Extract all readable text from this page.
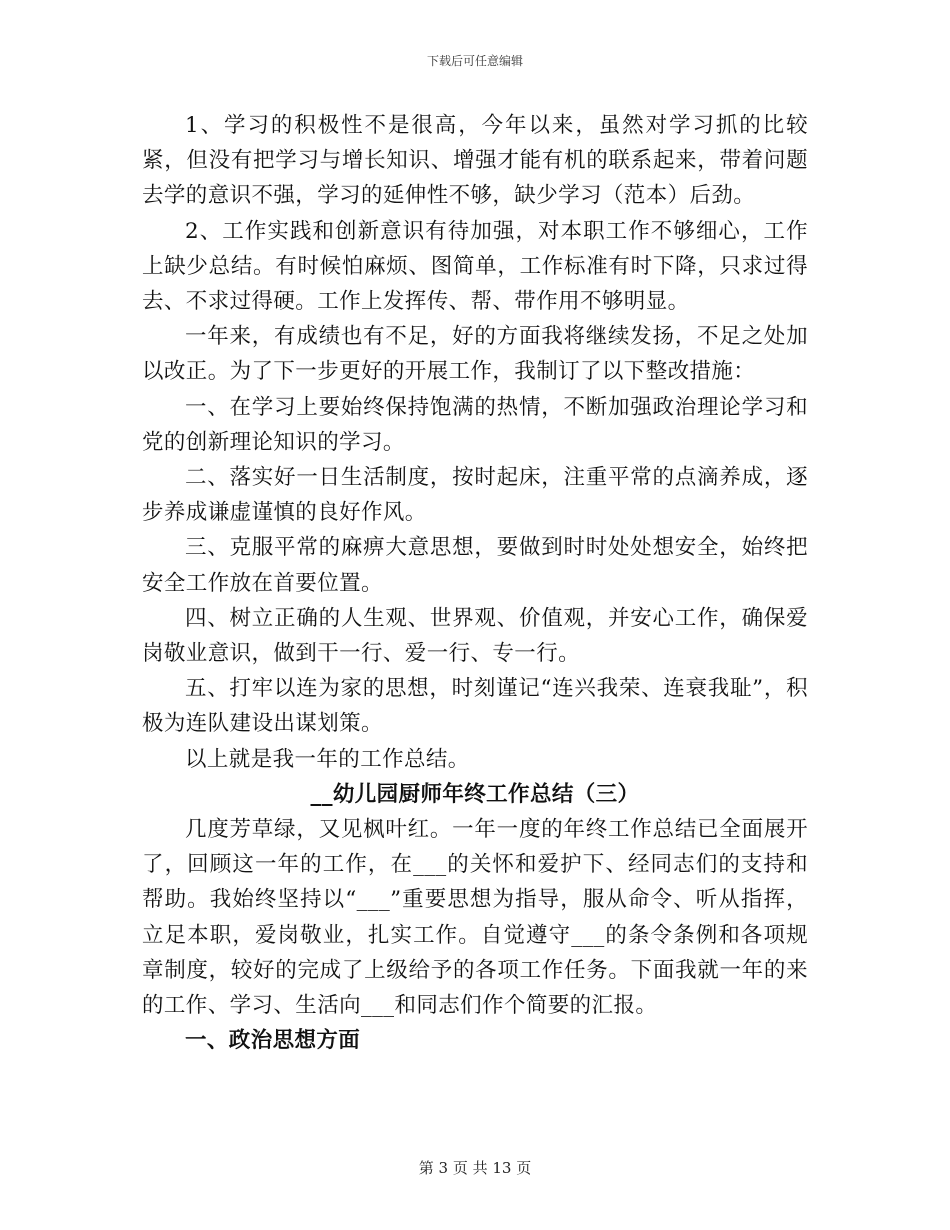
下载后可任意编辑

1、学习的积极性不是很高，今年以来，虽然对学习抓的比较紧，但没有把学习与增长知识、增强才能有机的联系起来，带着问题去学的意识不强，学习的延伸性不够，缺少学习（范本）后劲。

2、工作实践和创新意识有待加强，对本职工作不够细心，工作上缺少总结。有时候怕麻烦、图简单，工作标准有时下降，只求过得去、不求过得硬。工作上发挥传、帮、带作用不够明显。

一年来，有成绩也有不足，好的方面我将继续发扬，不足之处加以改正。为了下一步更好的开展工作，我制订了以下整改措施：

一、在学习上要始终保持饱满的热情，不断加强政治理论学习和党的创新理论知识的学习。

二、落实好一日生活制度，按时起床，注重平常的点滴养成，逐步养成谦虚谨慎的良好作风。

三、克服平常的麻痹大意思想，要做到时时处处想安全，始终把安全工作放在首要位置。

四、树立正确的人生观、世界观、价值观，并安心工作，确保爱岗敬业意识，做到干一行、爱一行、专一行。

五、打牢以连为家的思想，时刻谨记“连兴我荣、连衰我耻”，积极为连队建设出谋划策。

以上就是我一年的工作总结。

__幼儿园厨师年终工作总结（三）

几度芳草绿，又见枫叶红。一年一度的年终工作总结已全面展开了，回顾这一年的工作，在___的关怀和爱护下、经同志们的支持和帮助。我始终坚持以“___”重要思想为指导，服从命令、听从指挥，立足本职，爱岗敬业，扎实工作。自觉遵守___的条令条例和各项规章制度，较好的完成了上级给予的各项工作任务。下面我就一年的来的工作、学习、生活向___和同志们作个简要的汇报。

一、政治思想方面
第 3 页 共 13 页
